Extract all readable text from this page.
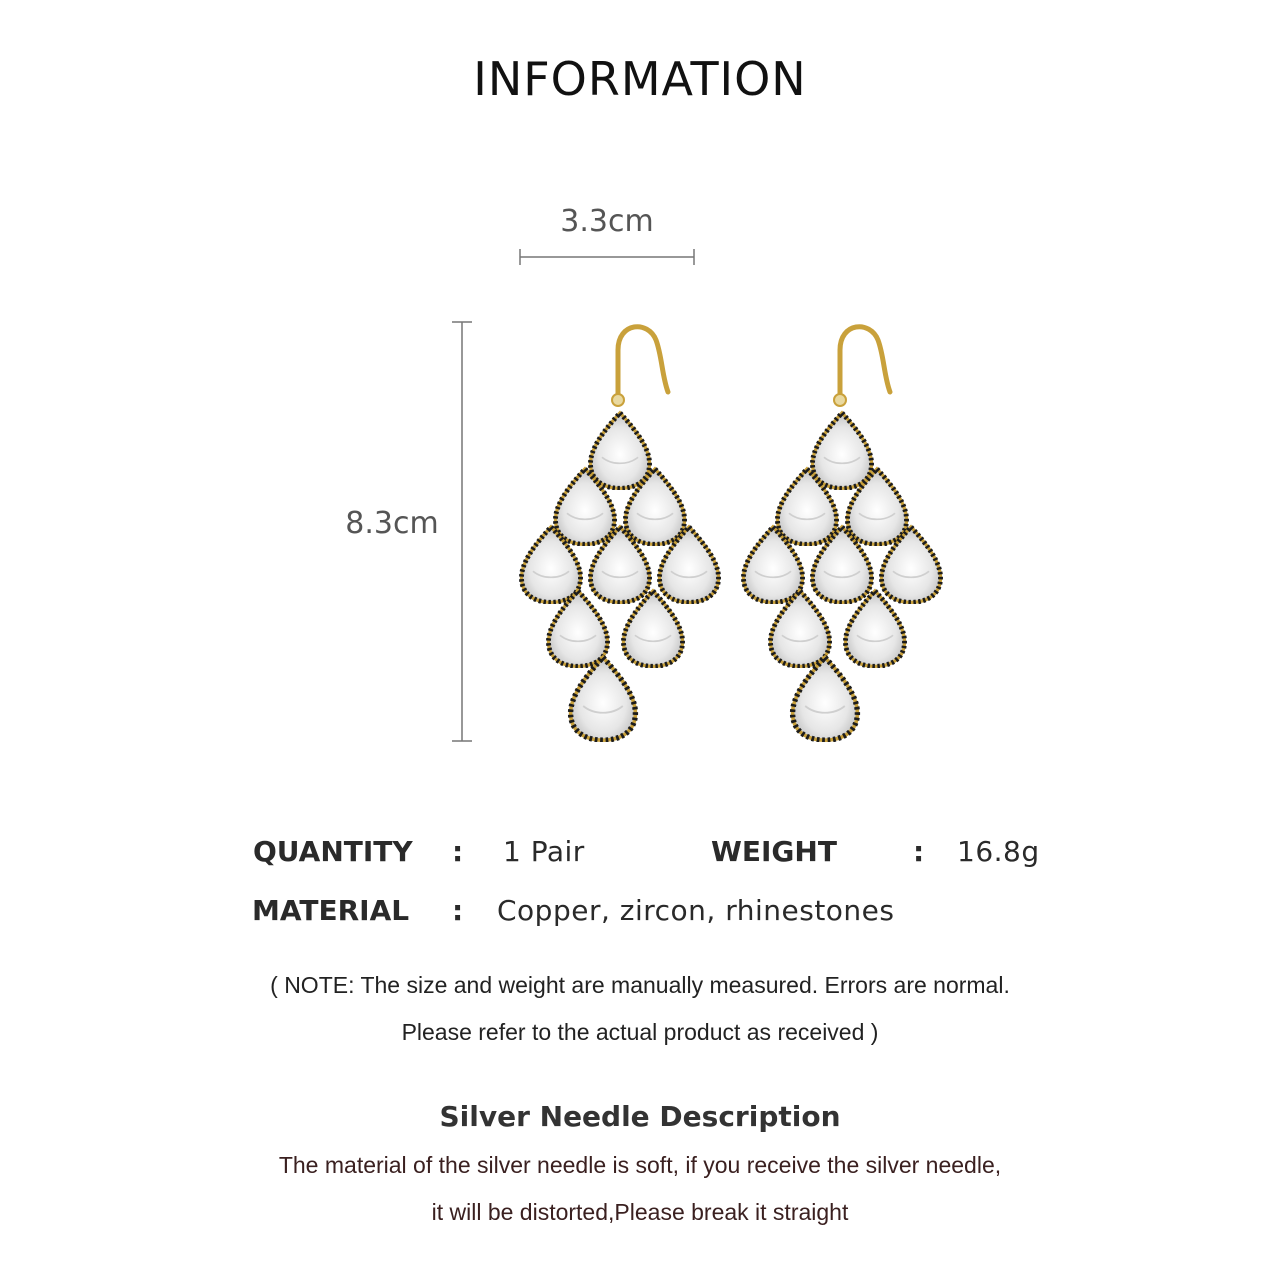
INFORMATION
3.3cm
8.3cm
QUANTITY : 1 Pair	WEIGHT	: 16.8g
MATERIAL : Copper, zircon, rhinestones
( NOTE: The size and weight are manually measured. Errors are normal.
Please refer to the actual product as received )
Silver Needle Description
The material of the silver needle is soft, if you receive the silver needle,
it will be distorted,Please break it straight
